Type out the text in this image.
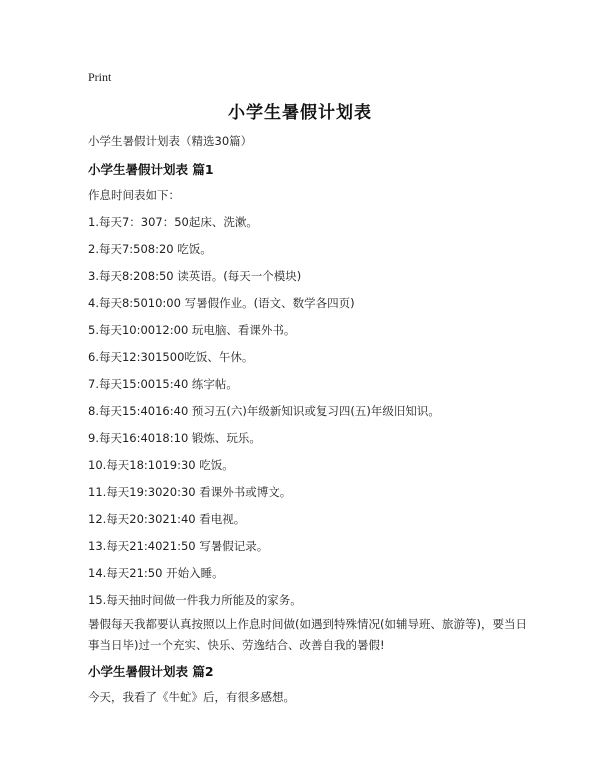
Print
小学生暑假计划表
小学生暑假计划表（精选30篇）
小学生暑假计划表 篇1
作息时间表如下：
1.每天7：307：50起床、洗漱。
2.每天7:508:20 吃饭。
3.每天8:208:50 读英语。(每天一个模块)
4.每天8:5010:00 写暑假作业。(语文、数学各四页)
5.每天10:0012:00 玩电脑、看课外书。
6.每天12:301500吃饭、午休。
7.每天15:0015:40 练字帖。
8.每天15:4016:40 预习五(六)年级新知识或复习四(五)年级旧知识。
9.每天16:4018:10 锻炼、玩乐。
10.每天18:1019:30 吃饭。
11.每天19:3020:30 看课外书或博文。
12.每天20:3021:40 看电视。
13.每天21:4021:50 写暑假记录。
14.每天21:50 开始入睡。
15.每天抽时间做一件我力所能及的家务。
暑假每天我都要认真按照以上作息时间做(如遇到特殊情况(如辅导班、旅游等)，要当日事当日毕)过一个充实、快乐、劳逸结合、改善自我的暑假!
小学生暑假计划表 篇2
今天，我看了《牛虻》后，有很多感想。
